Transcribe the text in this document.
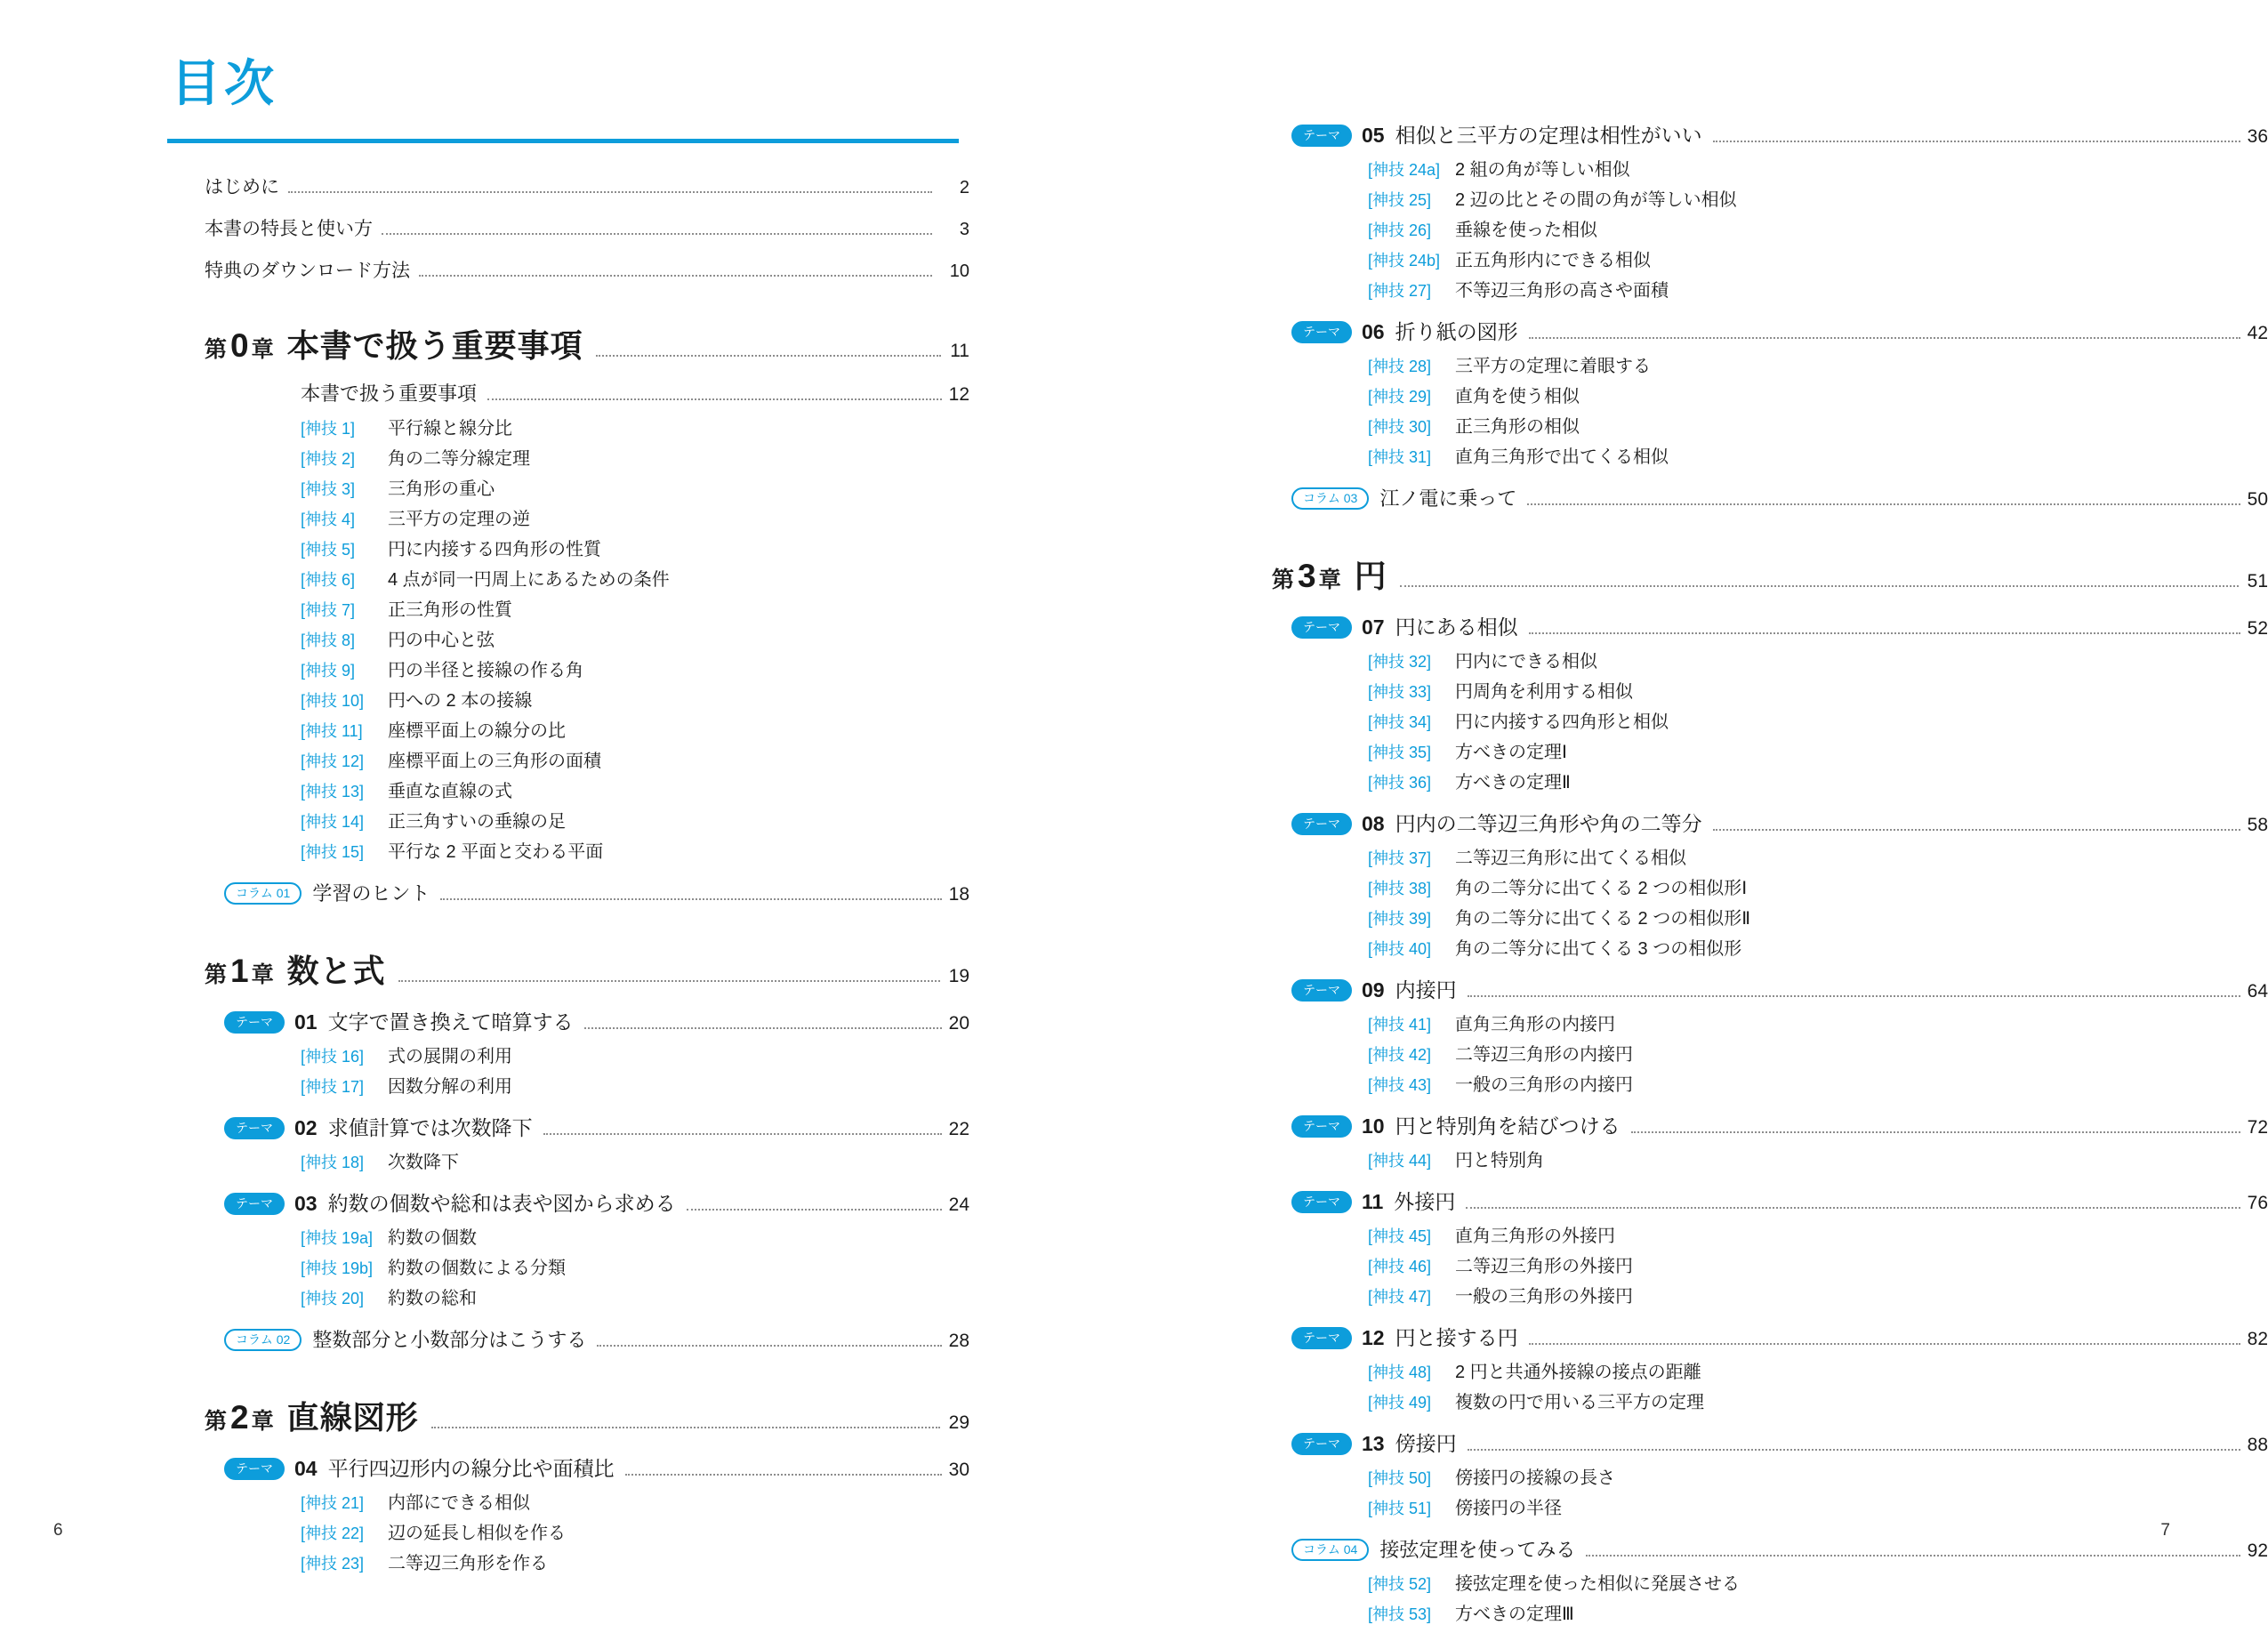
目次
はじめに	2
本書の特長と使い方	3
特典のダウンロード方法	10
第 0 章 本書で扱う重要事項	11
本書で扱う重要事項	12
[神技 1]	平行線と線分比
[神技 2]	角の二等分線定理
[神技 3]	三角形の重心
[神技 4]	三平方の定理の逆
[神技 5]	円に内接する四角形の性質
[神技 6]	4 点が同一円周上にあるための条件
[神技 7]	正三角形の性質
[神技 8]	円の中心と弦
[神技 9]	円の半径と接線の作る角
[神技 10]	円への 2 本の接線
[神技 11]	座標平面上の線分の比
[神技 12]	座標平面上の三角形の面積
[神技 13]	垂直な直線の式
[神技 14]	正三角すいの垂線の足
[神技 15]	平行な 2 平面と交わる平面
コラム 01	学習のヒント	18
第 1 章 数と式	19
テーマ	01 文字で置き換えて暗算する	20
[神技 16]	式の展開の利用
[神技 17]	因数分解の利用
テーマ	02 求値計算では次数降下	22
[神技 18]	次数降下
テーマ	03 約数の個数や総和は表や図から求める	24
[神技 19a] 約数の個数
[神技 19b] 約数の個数による分類
[神技 20]	約数の総和
コラム 02	整数部分と小数部分はこうする	28
第 2 章 直線図形	29
テーマ	04 平行四辺形内の線分比や面積比	30
[神技 21]	内部にできる相似
[神技 22]	辺の延長し相似を作る
[神技 23]	二等辺三角形を作る
テーマ	05 相似と三平方の定理は相性がいい	36
[神技 24a] 2 組の角が等しい相似
[神技 25]	2 辺の比とその間の角が等しい相似
[神技 26]	垂線を使った相似
[神技 24b] 正五角形内にできる相似
[神技 27]	不等辺三角形の高さや面積
テーマ	06 折り紙の図形	42
[神技 28]	三平方の定理に着眼する
[神技 29]	直角を使う相似
[神技 30]	正三角形の相似
[神技 31]	直角三角形で出てくる相似
コラム 03	江ノ電に乗って	50
第 3 章 円	51
テーマ	07 円にある相似	52
[神技 32]	円内にできる相似
[神技 33]	円周角を利用する相似
[神技 34]	円に内接する四角形と相似
[神技 35]	方べきの定理Ⅰ
[神技 36]	方べきの定理Ⅱ
テーマ	08 円内の二等辺三角形や角の二等分	58
[神技 37]	二等辺三角形に出てくる相似
[神技 38]	角の二等分に出てくる 2 つの相似形Ⅰ
[神技 39]	角の二等分に出てくる 2 つの相似形Ⅱ
[神技 40]	角の二等分に出てくる 3 つの相似形
テーマ	09 内接円	64
[神技 41]	直角三角形の内接円
[神技 42]	二等辺三角形の内接円
[神技 43]	一般の三角形の内接円
テーマ	10 円と特別角を結びつける	72
[神技 44]	円と特別角
テーマ	11 外接円	76
[神技 45]	直角三角形の外接円
[神技 46]	二等辺三角形の外接円
[神技 47]	一般の三角形の外接円
テーマ	12 円と接する円	82
[神技 48]	2 円と共通外接線の接点の距離
[神技 49]	複数の円で用いる三平方の定理
テーマ	13 傍接円	88
[神技 50]	傍接円の接線の長さ
[神技 51]	傍接円の半径
コラム 04	接弦定理を使ってみる	92
[神技 52]	接弦定理を使った相似に発展させる
[神技 53]	方べきの定理Ⅲ
6	7
